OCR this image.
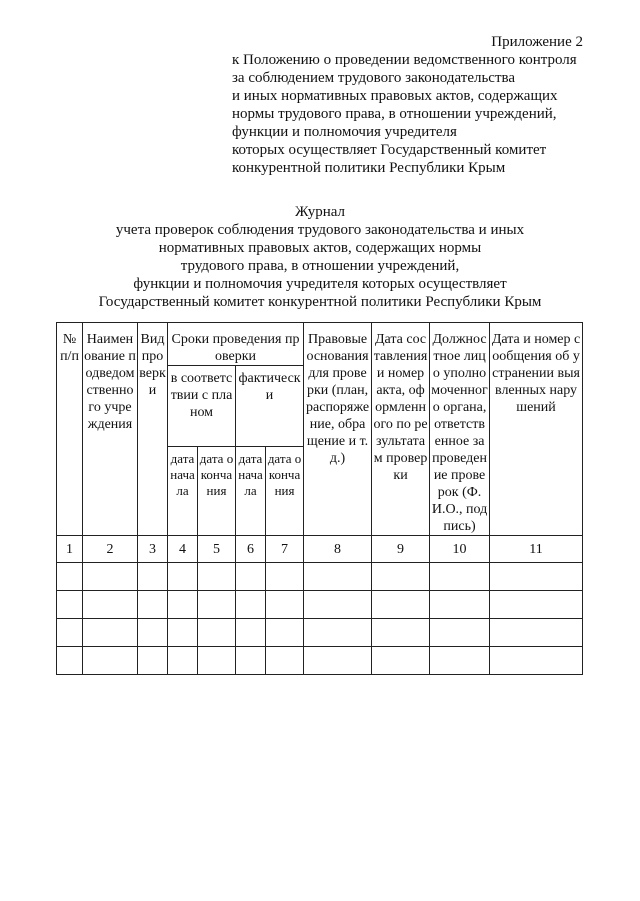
Приложение 2
к Положению о проведении ведомственного контроля
за соблюдением трудового законодательства
и иных нормативных правовых актов, содержащих
нормы трудового права, в отношении учреждений,
функции и полномочия учредителя
которых осуществляет Государственный комитет
конкурентной политики Республики Крым
Журнал
учета проверок соблюдения трудового законодательства и иных
нормативных правовых актов, содержащих нормы
трудового права, в отношении учреждений,
функции и полномочия учредителя которых осуществляет
Государственный комитет конкурентной политики Республики Крым
№ п/п	Наименование подведомственного учреждения	Вид проверки	Сроки проведения проверки				Правовые основания для проверки (план, распоряжение, обращение и т.д.)	Дата составления и номер акта, оформленного по результатам проверки	Должностное лицо уполномоченного органа, ответственное за проведение проверок (Ф.И.О., подпись)	Дата и номер сообщения об устранении выявленных нарушений

			в соответствии с планом		фактически					

			дата начала	дата окончания	дата начала	дата окончания				

1	2	3	4	5	6	7	8	9	10	11
